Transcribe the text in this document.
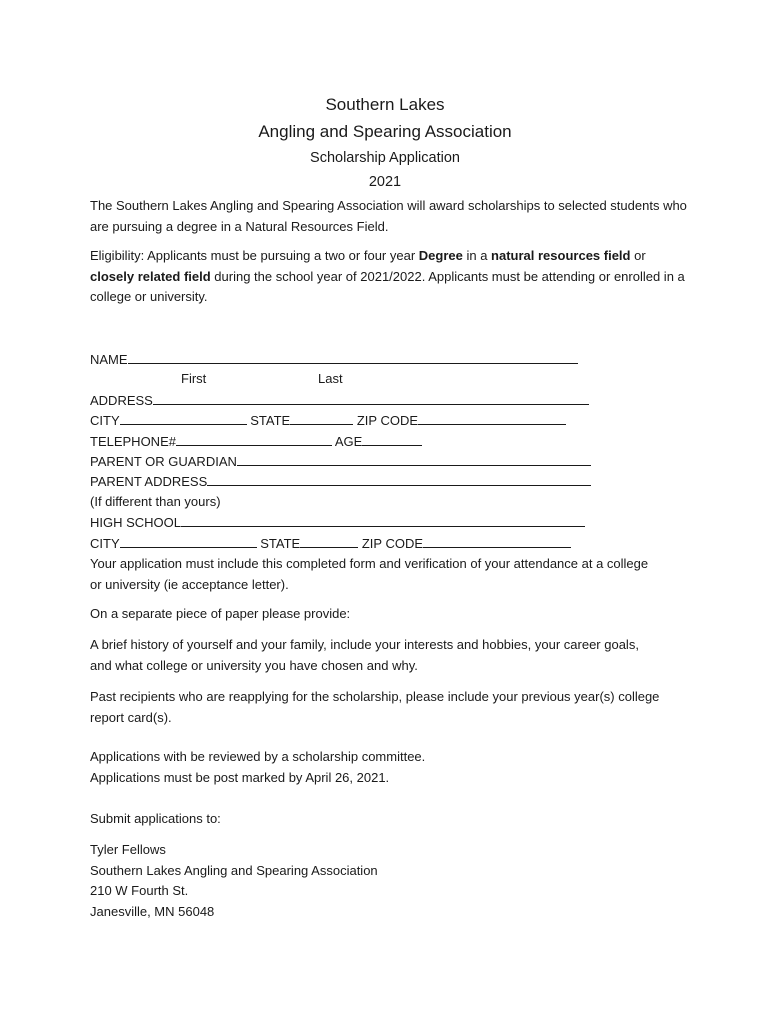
Southern Lakes
Angling and Spearing Association
Scholarship Application
2021
The Southern Lakes Angling and Spearing Association will award scholarships to selected students who are pursuing a degree in a Natural Resources Field.
Eligibility: Applicants must be pursuing a two or four year Degree in a natural resources field or closely related field during the school year of 2021/2022. Applicants must be attending or enrolled in a college or university.
NAME
First	Last
ADDRESS
CITY	STATE	ZIP CODE
TELEPHONE#	AGE
PARENT OR GUARDIAN
PARENT ADDRESS
(If different than yours)
HIGH SCHOOL
CITY	STATE	ZIP CODE
Your application must include this completed form and verification of your attendance at a college or university (ie acceptance letter).
On a separate piece of paper please provide:
A brief history of yourself and your family, include your interests and hobbies, your career goals, and what college or university you have chosen and why.
Past recipients who are reapplying for the scholarship, please include your previous year(s) college report card(s).
Applications with be reviewed by a scholarship committee.
Applications must be post marked by April 26, 2021.
Submit applications to:
Tyler Fellows
Southern Lakes Angling and Spearing Association
210 W Fourth St.
Janesville, MN 56048
